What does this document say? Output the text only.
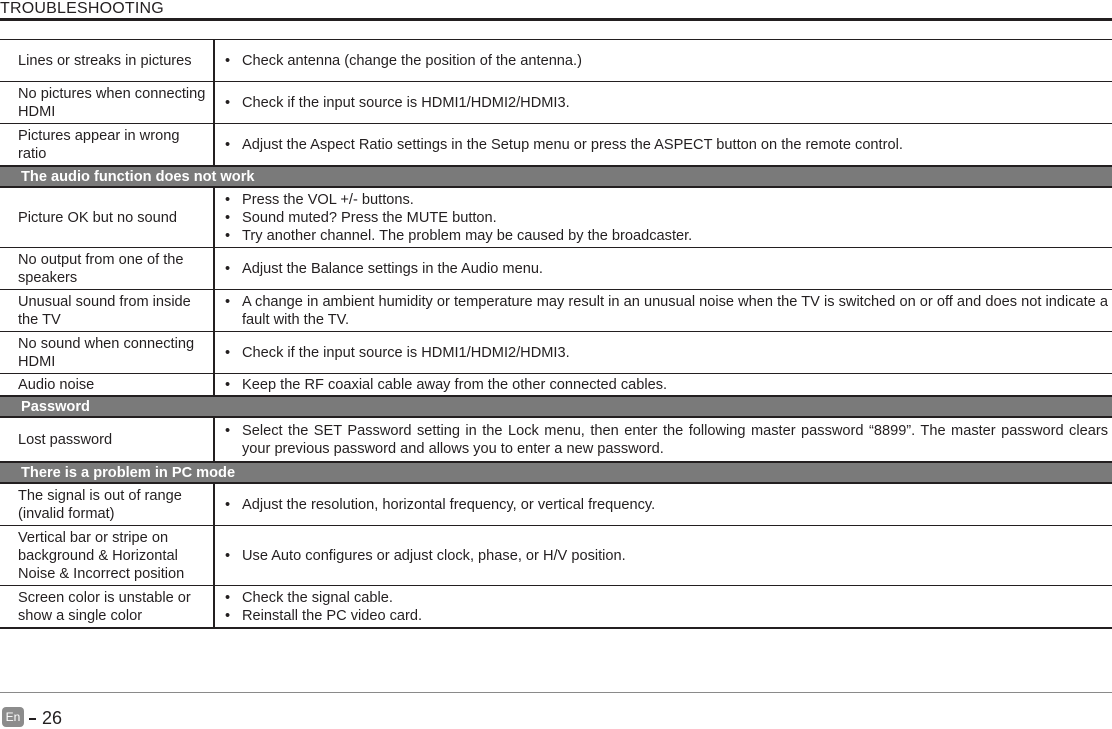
TROUBLESHOOTING
Lines or streaks in pictures	• Check antenna (change the position of the antenna.)
No pictures when connecting HDMI
• Check if the input source is HDMI1/HDMI2/HDMI3.
Pictures appear in wrong ratio
• Adjust the Aspect Ratio settings in the Setup menu or press the ASPECT button on the remote control.
The audio function does not work
Picture OK but no sound
• Press the VOL +/- buttons.
• Sound muted? Press the MUTE button.
• Try another channel. The problem may be caused by the broadcaster.
No output from one of the speakers
• Adjust the Balance settings in the Audio menu.
Unusual sound from inside the TV
• A change in ambient humidity or temperature may result in an unusual noise when the TV is switched on or off and does not indicate a fault with the TV.
No sound when connecting HDMI
• Check if the input source is HDMI1/HDMI2/HDMI3.
Audio noise	• Keep the RF coaxial cable away from the other connected cables.
Password
Lost password
• Select the SET Password setting in the Lock menu, then enter the following master password “8899”. The master password clears your previous password and allows you to enter a new password.
There is a problem in PC mode
The signal is out of range (invalid format)
• Adjust the resolution, horizontal frequency, or vertical frequency.
Vertical bar or stripe on background & Horizontal Noise & Incorrect position
• Use Auto configures or adjust clock, phase, or H/V position.
Screen color is unstable or show a single color
• Check the signal cable.
• Reinstall the PC video card.
En 26
